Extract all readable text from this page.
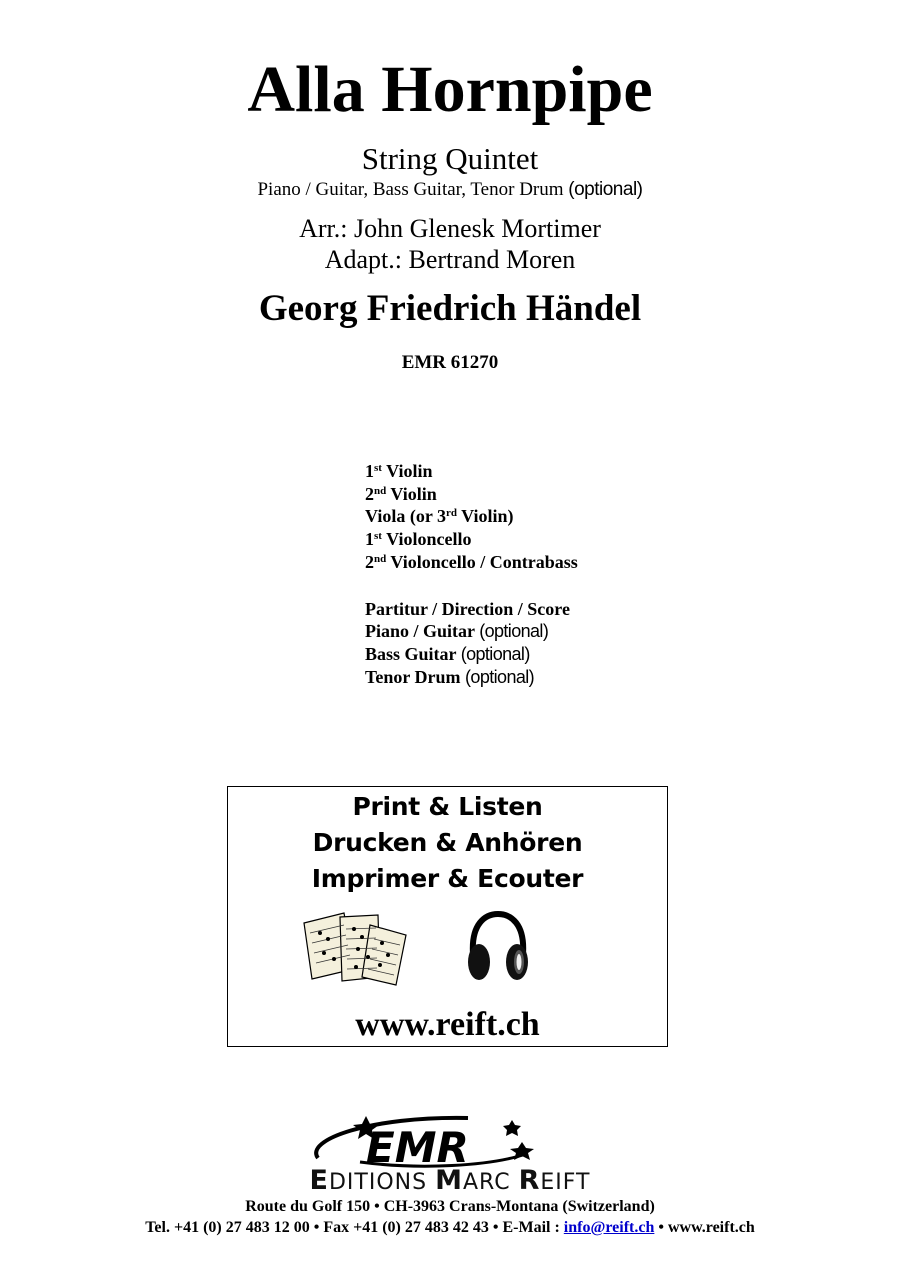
Alla Hornpipe
String Quintet
Piano / Guitar, Bass Guitar, Tenor Drum (optional)
Arr.: John Glenesk Mortimer
Adapt.: Bertrand Moren
Georg Friedrich Händel
EMR 61270
1st Violin
2nd Violin
Viola (or 3rd Violin)
1st Violoncello
2nd Violoncello / Contrabass
Partitur / Direction / Score
Piano / Guitar (optional)
Bass Guitar (optional)
Tenor Drum (optional)
Print & Listen
Drucken & Anhören
Imprimer & Ecouter
www.reift.ch
EMR
EDITIONS MARC REIFT
Route du Golf 150 • CH-3963 Crans-Montana (Switzerland)
Tel. +41 (0) 27 483 12 00 • Fax +41 (0) 27 483 42 43 • E-Mail : info@reift.ch • www.reift.ch
